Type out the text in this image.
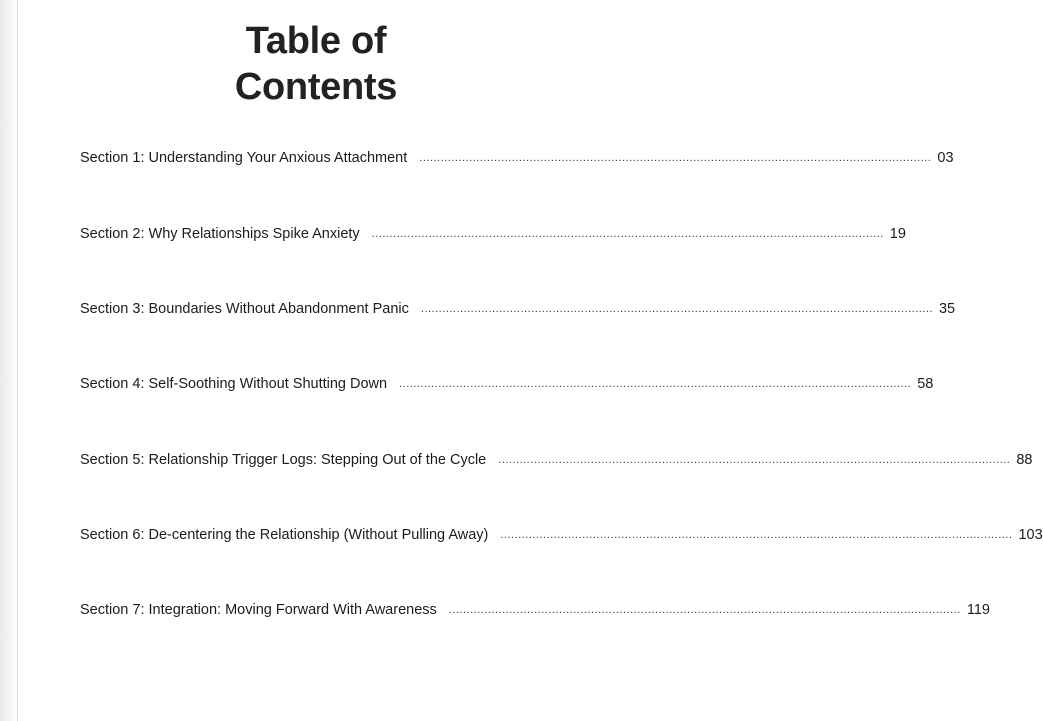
Table of
Contents
Section 1: Understanding Your Anxious Attachment ................................................................................................................................................ 03
Section 2: Why Relationships Spike Anxiety ................................................................................................................................................ 19
Section 3: Boundaries Without Abandonment Panic ................................................................................................................................................ 35
Section 4: Self-Soothing Without Shutting Down ................................................................................................................................................ 58
Section 5: Relationship Trigger Logs: Stepping Out of the Cycle ................................................................................................................................................ 88
Section 6: De-centering the Relationship (Without Pulling Away) ................................................................................................................................................ 103
Section 7: Integration: Moving Forward With Awareness ................................................................................................................................................ 119
